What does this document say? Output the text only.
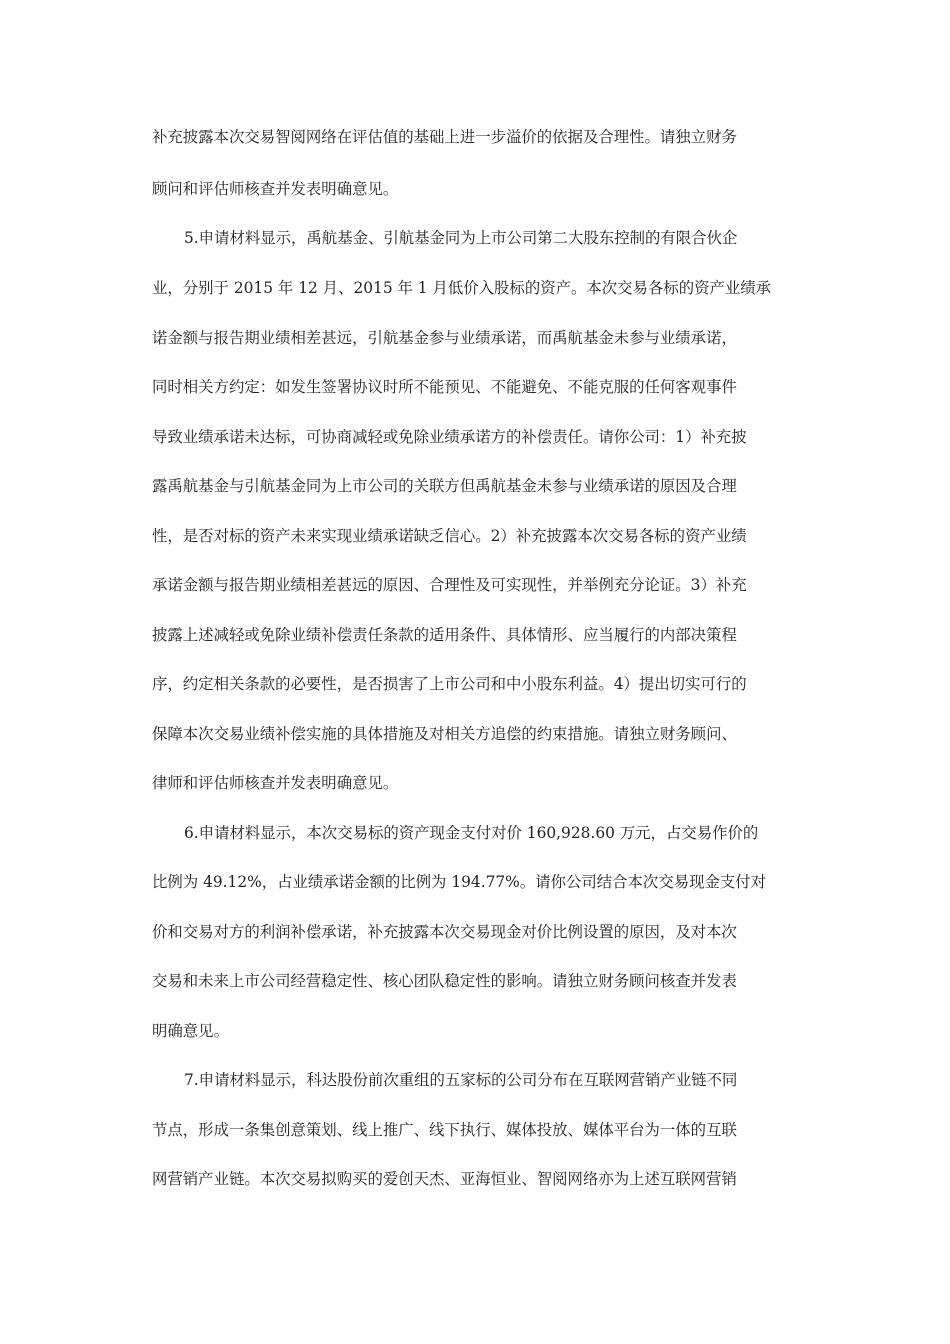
补充披露本次交易智阅网络在评估值的基础上进一步溢价的依据及合理性。请独立财务
顾问和评估师核查并发表明确意见。
5.申请材料显示，禹航基金、引航基金同为上市公司第二大股东控制的有限合伙企
业，分别于 2015 年 12 月、2015 年 1 月低价入股标的资产。本次交易各标的资产业绩承
诺金额与报告期业绩相差甚远，引航基金参与业绩承诺，而禹航基金未参与业绩承诺，
同时相关方约定：如发生签署协议时所不能预见、不能避免、不能克服的任何客观事件
导致业绩承诺未达标，可协商减轻或免除业绩承诺方的补偿责任。请你公司：1）补充披
露禹航基金与引航基金同为上市公司的关联方但禹航基金未参与业绩承诺的原因及合理
性，是否对标的资产未来实现业绩承诺缺乏信心。2）补充披露本次交易各标的资产业绩
承诺金额与报告期业绩相差甚远的原因、合理性及可实现性，并举例充分论证。3）补充
披露上述减轻或免除业绩补偿责任条款的适用条件、具体情形、应当履行的内部决策程
序，约定相关条款的必要性，是否损害了上市公司和中小股东利益。4）提出切实可行的
保障本次交易业绩补偿实施的具体措施及对相关方追偿的约束措施。请独立财务顾问、
律师和评估师核查并发表明确意见。
6.申请材料显示，本次交易标的资产现金支付对价 160,928.60 万元，占交易作价的
比例为 49.12%，占业绩承诺金额的比例为 194.77%。请你公司结合本次交易现金支付对
价和交易对方的利润补偿承诺，补充披露本次交易现金对价比例设置的原因，及对本次
交易和未来上市公司经营稳定性、核心团队稳定性的影响。请独立财务顾问核查并发表
明确意见。
7.申请材料显示，科达股份前次重组的五家标的公司分布在互联网营销产业链不同
节点，形成一条集创意策划、线上推广、线下执行、媒体投放、媒体平台为一体的互联
网营销产业链。本次交易拟购买的爱创天杰、亚海恒业、智阅网络亦为上述互联网营销
